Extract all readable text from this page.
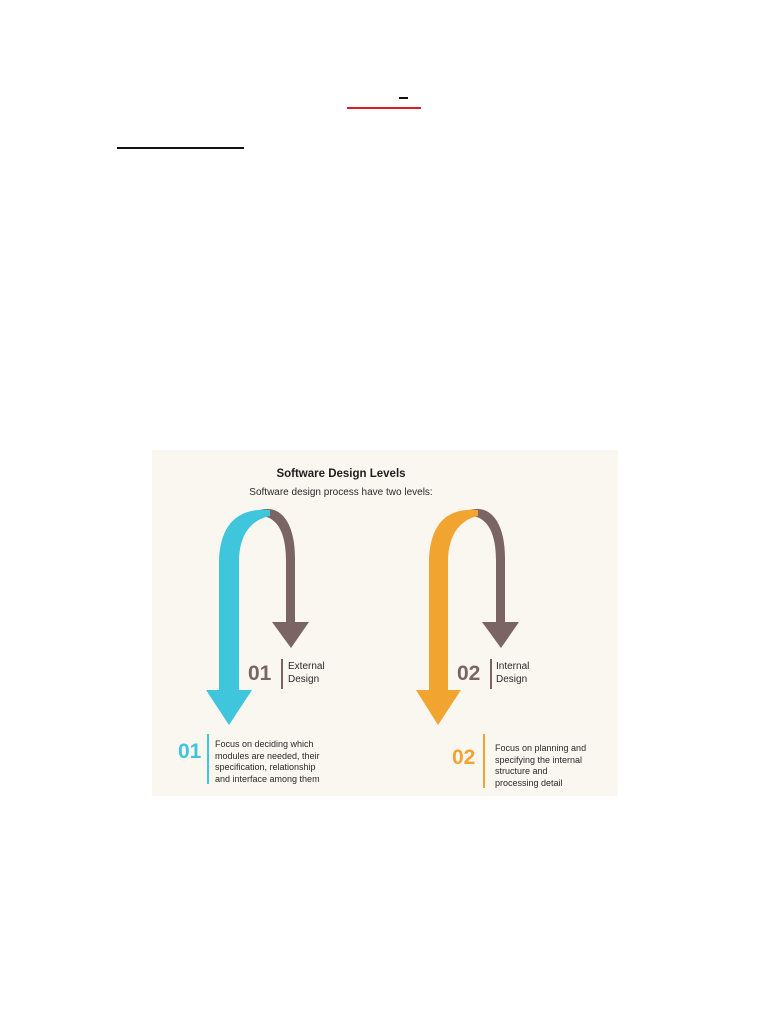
Software Design Levels
Software design process have two levels:
01 External
Design	02 Internal
Design
01 Focus on deciding which
modules are needed, their
specification, relationship
and interface among them
02 Focus on planning and
specifying the internal
structure and
processing detail
